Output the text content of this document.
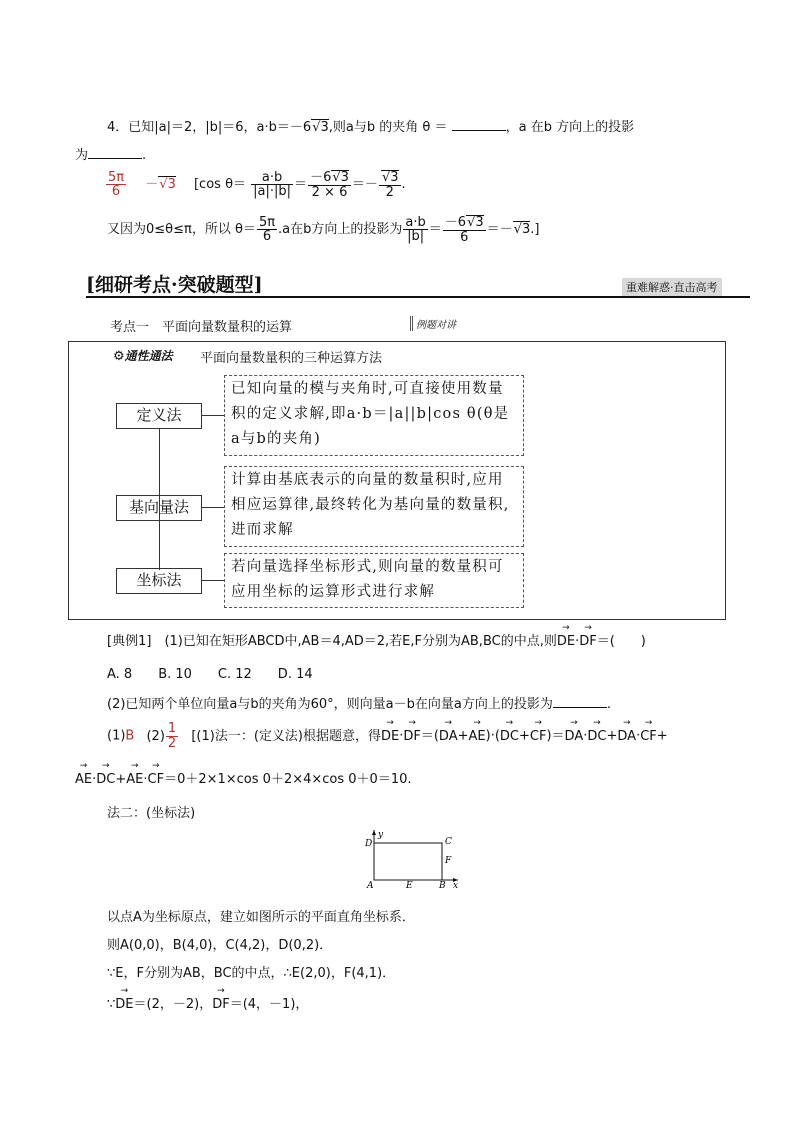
4．已知|a|＝2，|b|＝6，a·b＝－6√3,则a与b 的夹角 θ ＝	，a 在b 方向上的投影
为	.
$\frac{5\pi}{6} -√3$ [cos $\theta= \frac{a\cdot b}{|a|\cdot|b|} = \frac{-6√3}{2 \times 6} =- \frac{√3}{2}$ .
又因为0≤θ≤π，所以 $\theta= \frac{5\pi}{6} .a$在b方向上的投影为 $\frac{a\cdot b}{|b|} = \frac{-6√3}{6} =-√3$.]
[细研考点·突破题型]	重难解惑·直击高考
考点一　平面向量数量积的运算	例题对讲
⚙通性通法 平面向量数量积的三种运算方法
定义法
已知向量的模与夹角时,可直接使用数量积的定义求解,即a·b＝|a||b|cos θ(θ是a与b的夹角)
基向量法
计算由基底表示的向量的数量积时,应用相应运算律,最终转化为基向量的数量积,进而求解
坐标法
若向量选择坐标形式,则向量的数量积可应用坐标的运算形式进行求解
[典例1]　 (1)已知在矩形ABCD中,AB＝4,AD＝2,若E,F分别为AB,BC的中点,则→ DE·→ DF＝(　　)
A. 8　　B. 10　　C. 12　　D. 14
(2)已知两个单位向量a与b的夹角为60°，则向量a－b在向量a方向上的投影为	.
(1)B $(2) \frac{1}{2} [(1)$法一：(定义法)根据题意，得→ DE·→ DF＝(→ DA+→ AE)·(→ DC+→ CF)＝→ DA·→ DC+→ DA·→ CF+
→ AE·→ DC+→ AE·→ CF＝0＋2×1×cos 0＋2×4×cos 0＋0＝10.
法二：(坐标法)
D
y
C
F
A	E	B x
以点A为坐标原点，建立如图所示的平面直角坐标系．
则A(0,0)，B(4,0)，C(4,2)，D(0,2)．
∵E，F分别为AB，BC的中点，∴E(2,0)，F(4,1)．
∵→ DE＝(2，－2)，→ DF＝(4，－1)，
